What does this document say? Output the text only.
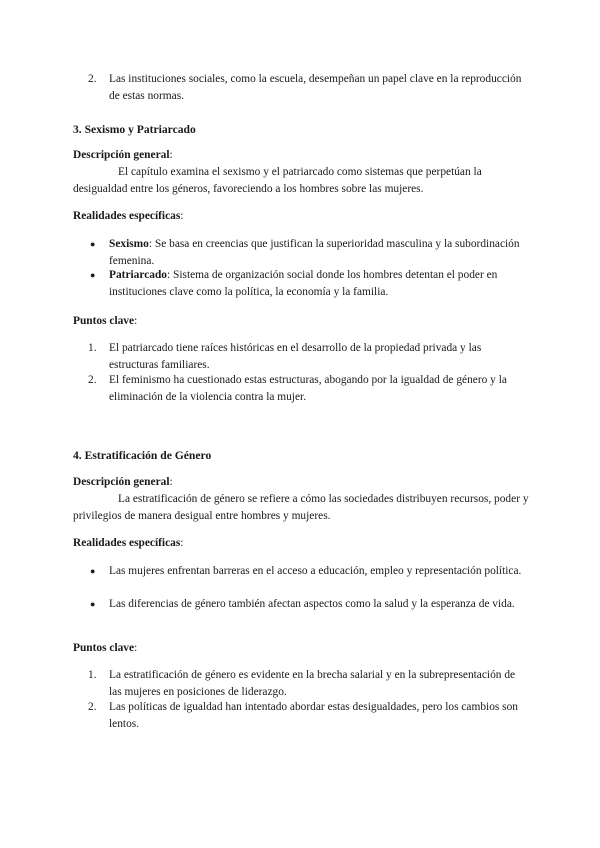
2. Las instituciones sociales, como la escuela, desempeñan un papel clave en la reproducción de estas normas.
3. Sexismo y Patriarcado
Descripción general:
El capítulo examina el sexismo y el patriarcado como sistemas que perpetúan la desigualdad entre los géneros, favoreciendo a los hombres sobre las mujeres.
Realidades específicas:
● Sexismo: Se basa en creencias que justifican la superioridad masculina y la subordinación femenina.
● Patriarcado: Sistema de organización social donde los hombres detentan el poder en instituciones clave como la política, la economía y la familia.
Puntos clave:
1. El patriarcado tiene raíces históricas en el desarrollo de la propiedad privada y las estructuras familiares.
2. El feminismo ha cuestionado estas estructuras, abogando por la igualdad de género y la eliminación de la violencia contra la mujer.
4. Estratificación de Género
Descripción general:
La estratificación de género se refiere a cómo las sociedades distribuyen recursos, poder y privilegios de manera desigual entre hombres y mujeres.
Realidades específicas:
● Las mujeres enfrentan barreras en el acceso a educación, empleo y representación política.
● Las diferencias de género también afectan aspectos como la salud y la esperanza de vida.
Puntos clave:
1. La estratificación de género es evidente en la brecha salarial y en la subrepresentación de las mujeres en posiciones de liderazgo.
2. Las políticas de igualdad han intentado abordar estas desigualdades, pero los cambios son lentos.
